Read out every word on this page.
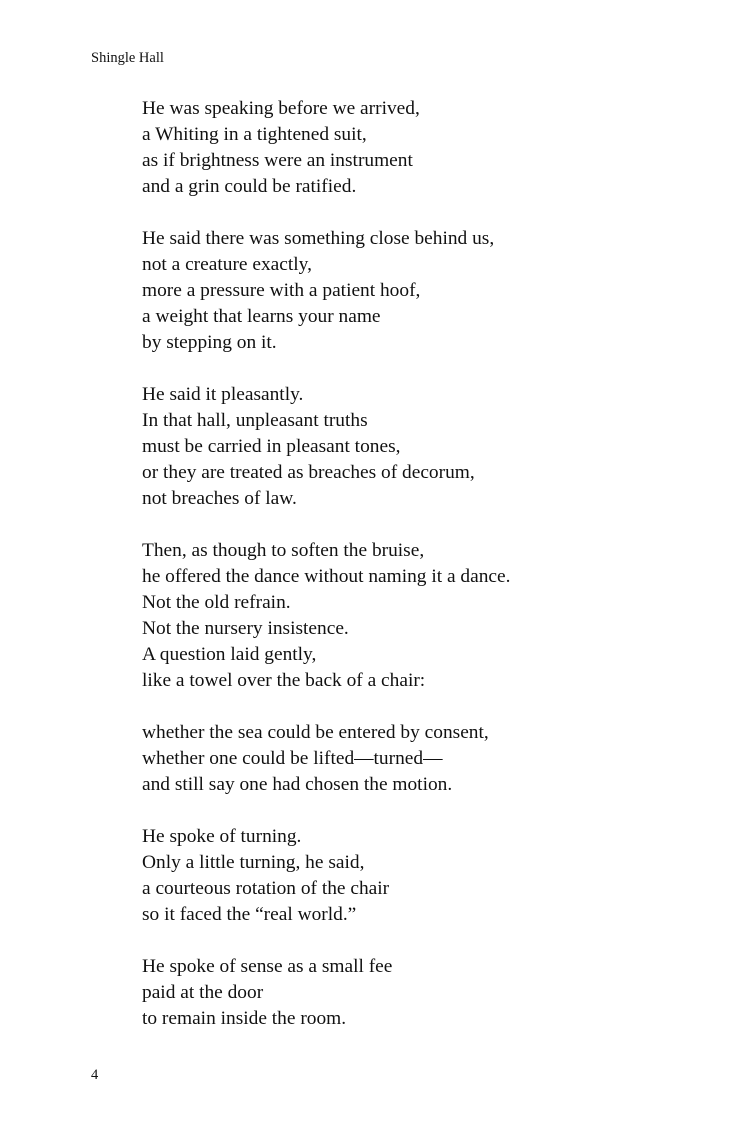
Shingle Hall

He was speaking before we arrived,
a Whiting in a tightened suit,
as if brightness were an instrument
and a grin could be ratified.
He said there was something close behind us,
not a creature exactly,
more a pressure with a patient hoof,
a weight that learns your name
by stepping on it.
He said it pleasantly.
In that hall, unpleasant truths
must be carried in pleasant tones,
or they are treated as breaches of decorum,
not breaches of law.
Then, as though to soften the bruise,
he offered the dance without naming it a dance.
Not the old refrain.
Not the nursery insistence.
A question laid gently,
like a towel over the back of a chair:
whether the sea could be entered by consent,
whether one could be lifted—turned—
and still say one had chosen the motion.
He spoke of turning.
Only a little turning, he said,
a courteous rotation of the chair
so it faced the “real world.”
He spoke of sense as a small fee
paid at the door
to remain inside the room.

4
